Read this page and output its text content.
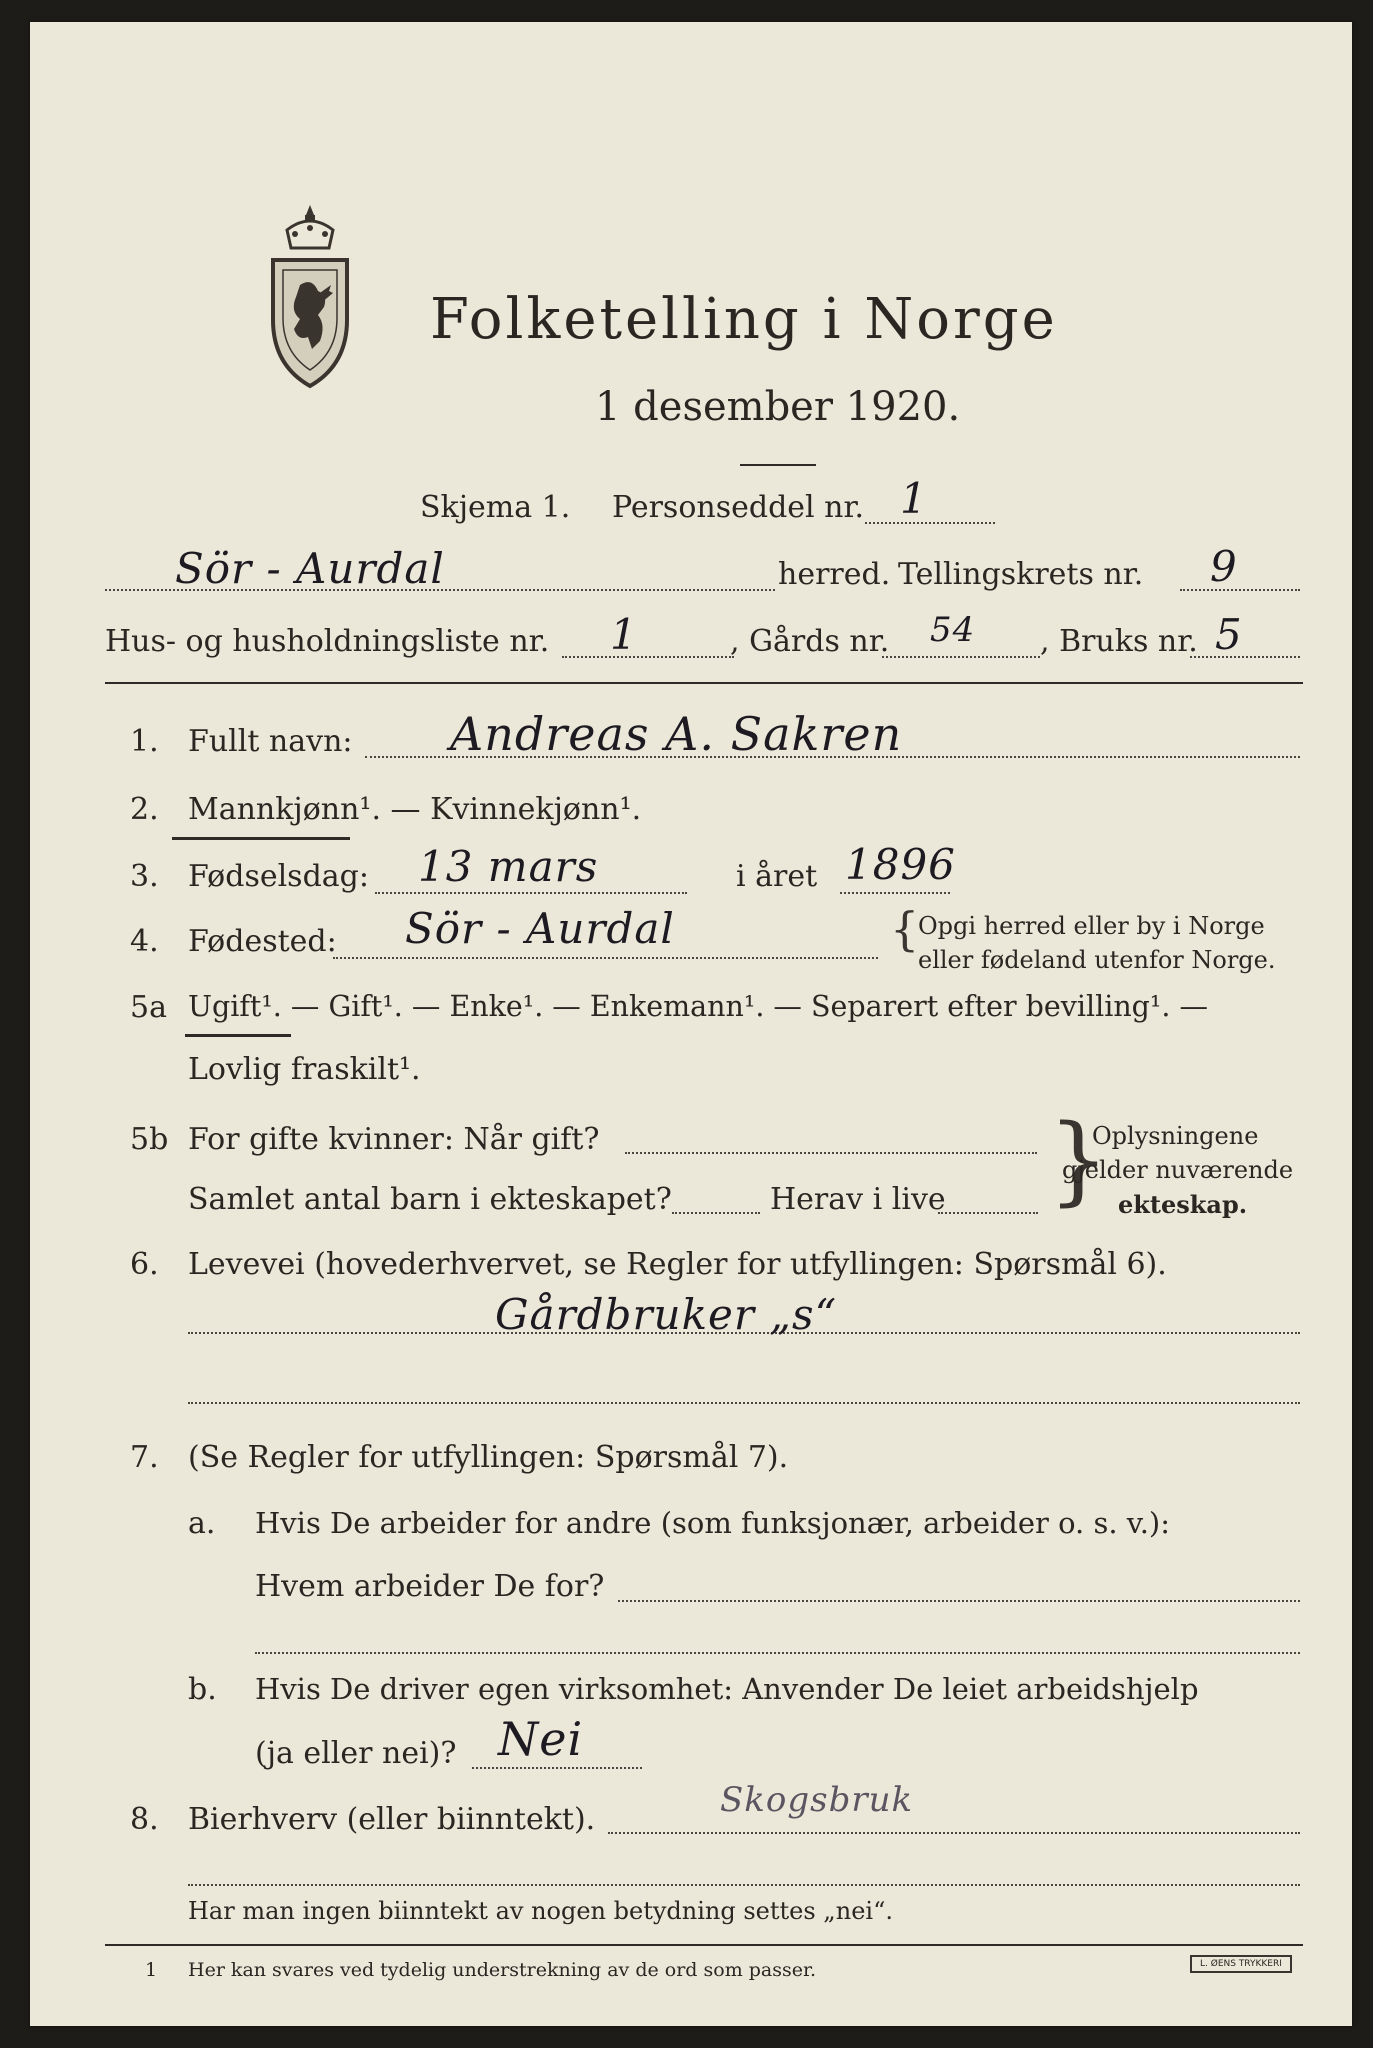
Folketelling i Norge
1 desember 1920.
Skjema 1. Personseddel nr. 1
Sör - Aurdal	herred. Tellingskrets nr. 9
Hus- og husholdningsliste nr. 1	, Gårds nr. 54 , Bruks nr. 5
1. Fullt navn: Andreas A. Sakren
2. Mannkjønn¹. — Kvinnekjønn¹.
3. Fødselsdag: 13 mars	i året 1896
4. Fødested: Sör - Aurdal	{
Opgi herred eller by i Norge
eller fødeland utenfor Norge.
5a Ugift¹. — Gift¹. — Enke¹. — Enkemann¹. — Separert efter bevilling¹. —
Lovlig fraskilt¹.
5b For gifte kvinner: Når gift?
Samlet antal barn i ekteskapet?	Herav i live }
Oplysningene
gjelder nuværende
ekteskap.
6. Levevei (hovederhvervet, se Regler for utfyllingen: Spørsmål 6).
Gårdbruker „s“
7. (Se Regler for utfyllingen: Spørsmål 7).
a. Hvis De arbeider for andre (som funksjonær, arbeider o. s. v.):
Hvem arbeider De for?
b. Hvis De driver egen virksomhet: Anvender De leiet arbeidshjelp
(ja eller nei)? Nei
8. Bierhverv (eller biinntekt).	Skogsbruk
Har man ingen biinntekt av nogen betydning settes „nei“.
1 Her kan svares ved tydelig understrekning av de ord som passer.	L. ØENS TRYKKERI
